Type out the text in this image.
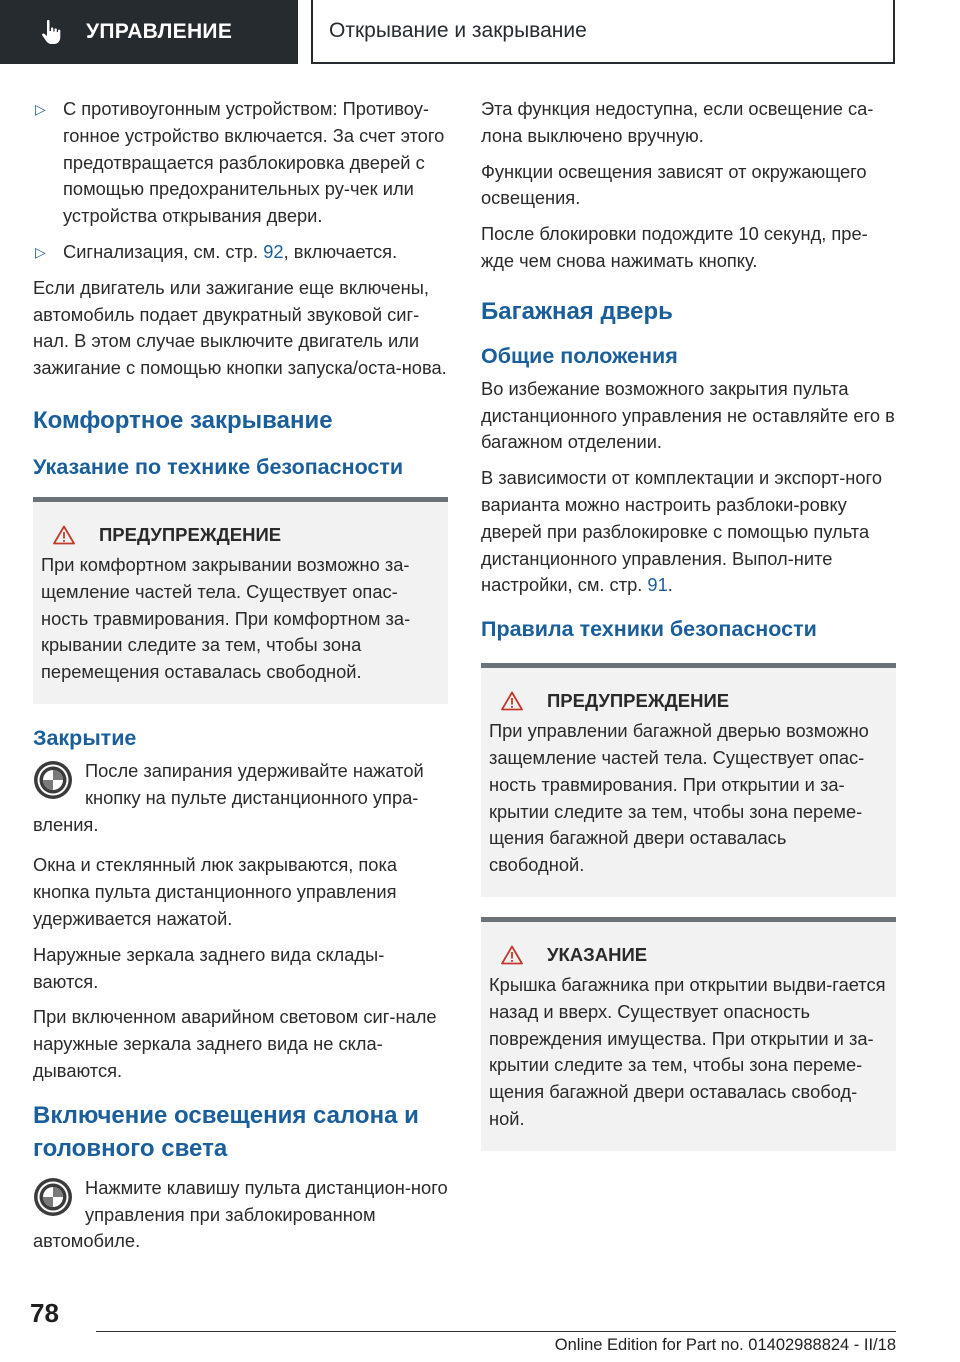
УПРАВЛЕНИЕ	Открывание и закрывание
▷ С противоугонным устройством: Противоу-гонное устройство включается. За счет этого предотвращается разблокировка дверей с помощью предохранительных ру-чек или устройства открывания двери.
▷ Сигнализация, см. стр. 92, включается.

Если двигатель или зажигание еще включены, автомобиль подает двукратный звуковой сиг-нал. В этом случае выключите двигатель или зажигание с помощью кнопки запуска/оста-нова.

Комфортное закрывание
Указание по технике безопасности
ПРЕДУПРЕЖДЕНИЕ

При комфортном закрывании возможно за-щемление частей тела. Существует опас-ность травмирования. При комфортном за-крывании следите за тем, чтобы зона перемещения оставалась свободной.

Закрытие
После запирания удерживайте нажатой кнопку на пульте дистанционного упра-вления.

Окна и стеклянный люк закрываются, пока кнопка пульта дистанционного управления удерживается нажатой.

Наружные зеркала заднего вида склады-ваются.

При включенном аварийном световом сиг-нале наружные зеркала заднего вида не скла-дываются.

Включение освещения салона и головного света
Нажмите клавишу пульта дистанцион-ного управления при заблокированном автомобиле.

Эта функция недоступна, если освещение са-лона выключено вручную.

Функции освещения зависят от окружающего освещения.

После блокировки подождите 10 секунд, пре-жде чем снова нажимать кнопку.

Багажная дверь
Общие положения

Во избежание возможного закрытия пульта дистанционного управления не оставляйте его в багажном отделении.

В зависимости от комплектации и экспорт-ного варианта можно настроить разблоки-ровку дверей при разблокировке с помощью пульта дистанционного управления. Выпол-ните настройки, см. стр. 91.

Правила техники безопасности
ПРЕДУПРЕЖДЕНИЕ

При управлении багажной дверью возможно защемление частей тела. Существует опас-ность травмирования. При открытии и за-крытии следите за тем, чтобы зона переме-щения багажной двери оставалась свободной.

УКАЗАНИЕ

Крышка багажника при открытии выдви-гается назад и вверх. Существует опасность повреждения имущества. При открытии и за-крытии следите за тем, чтобы зона переме-щения багажной двери оставалась свобод-ной.

78
Online Edition for Part no. 01402988824 - II/18
